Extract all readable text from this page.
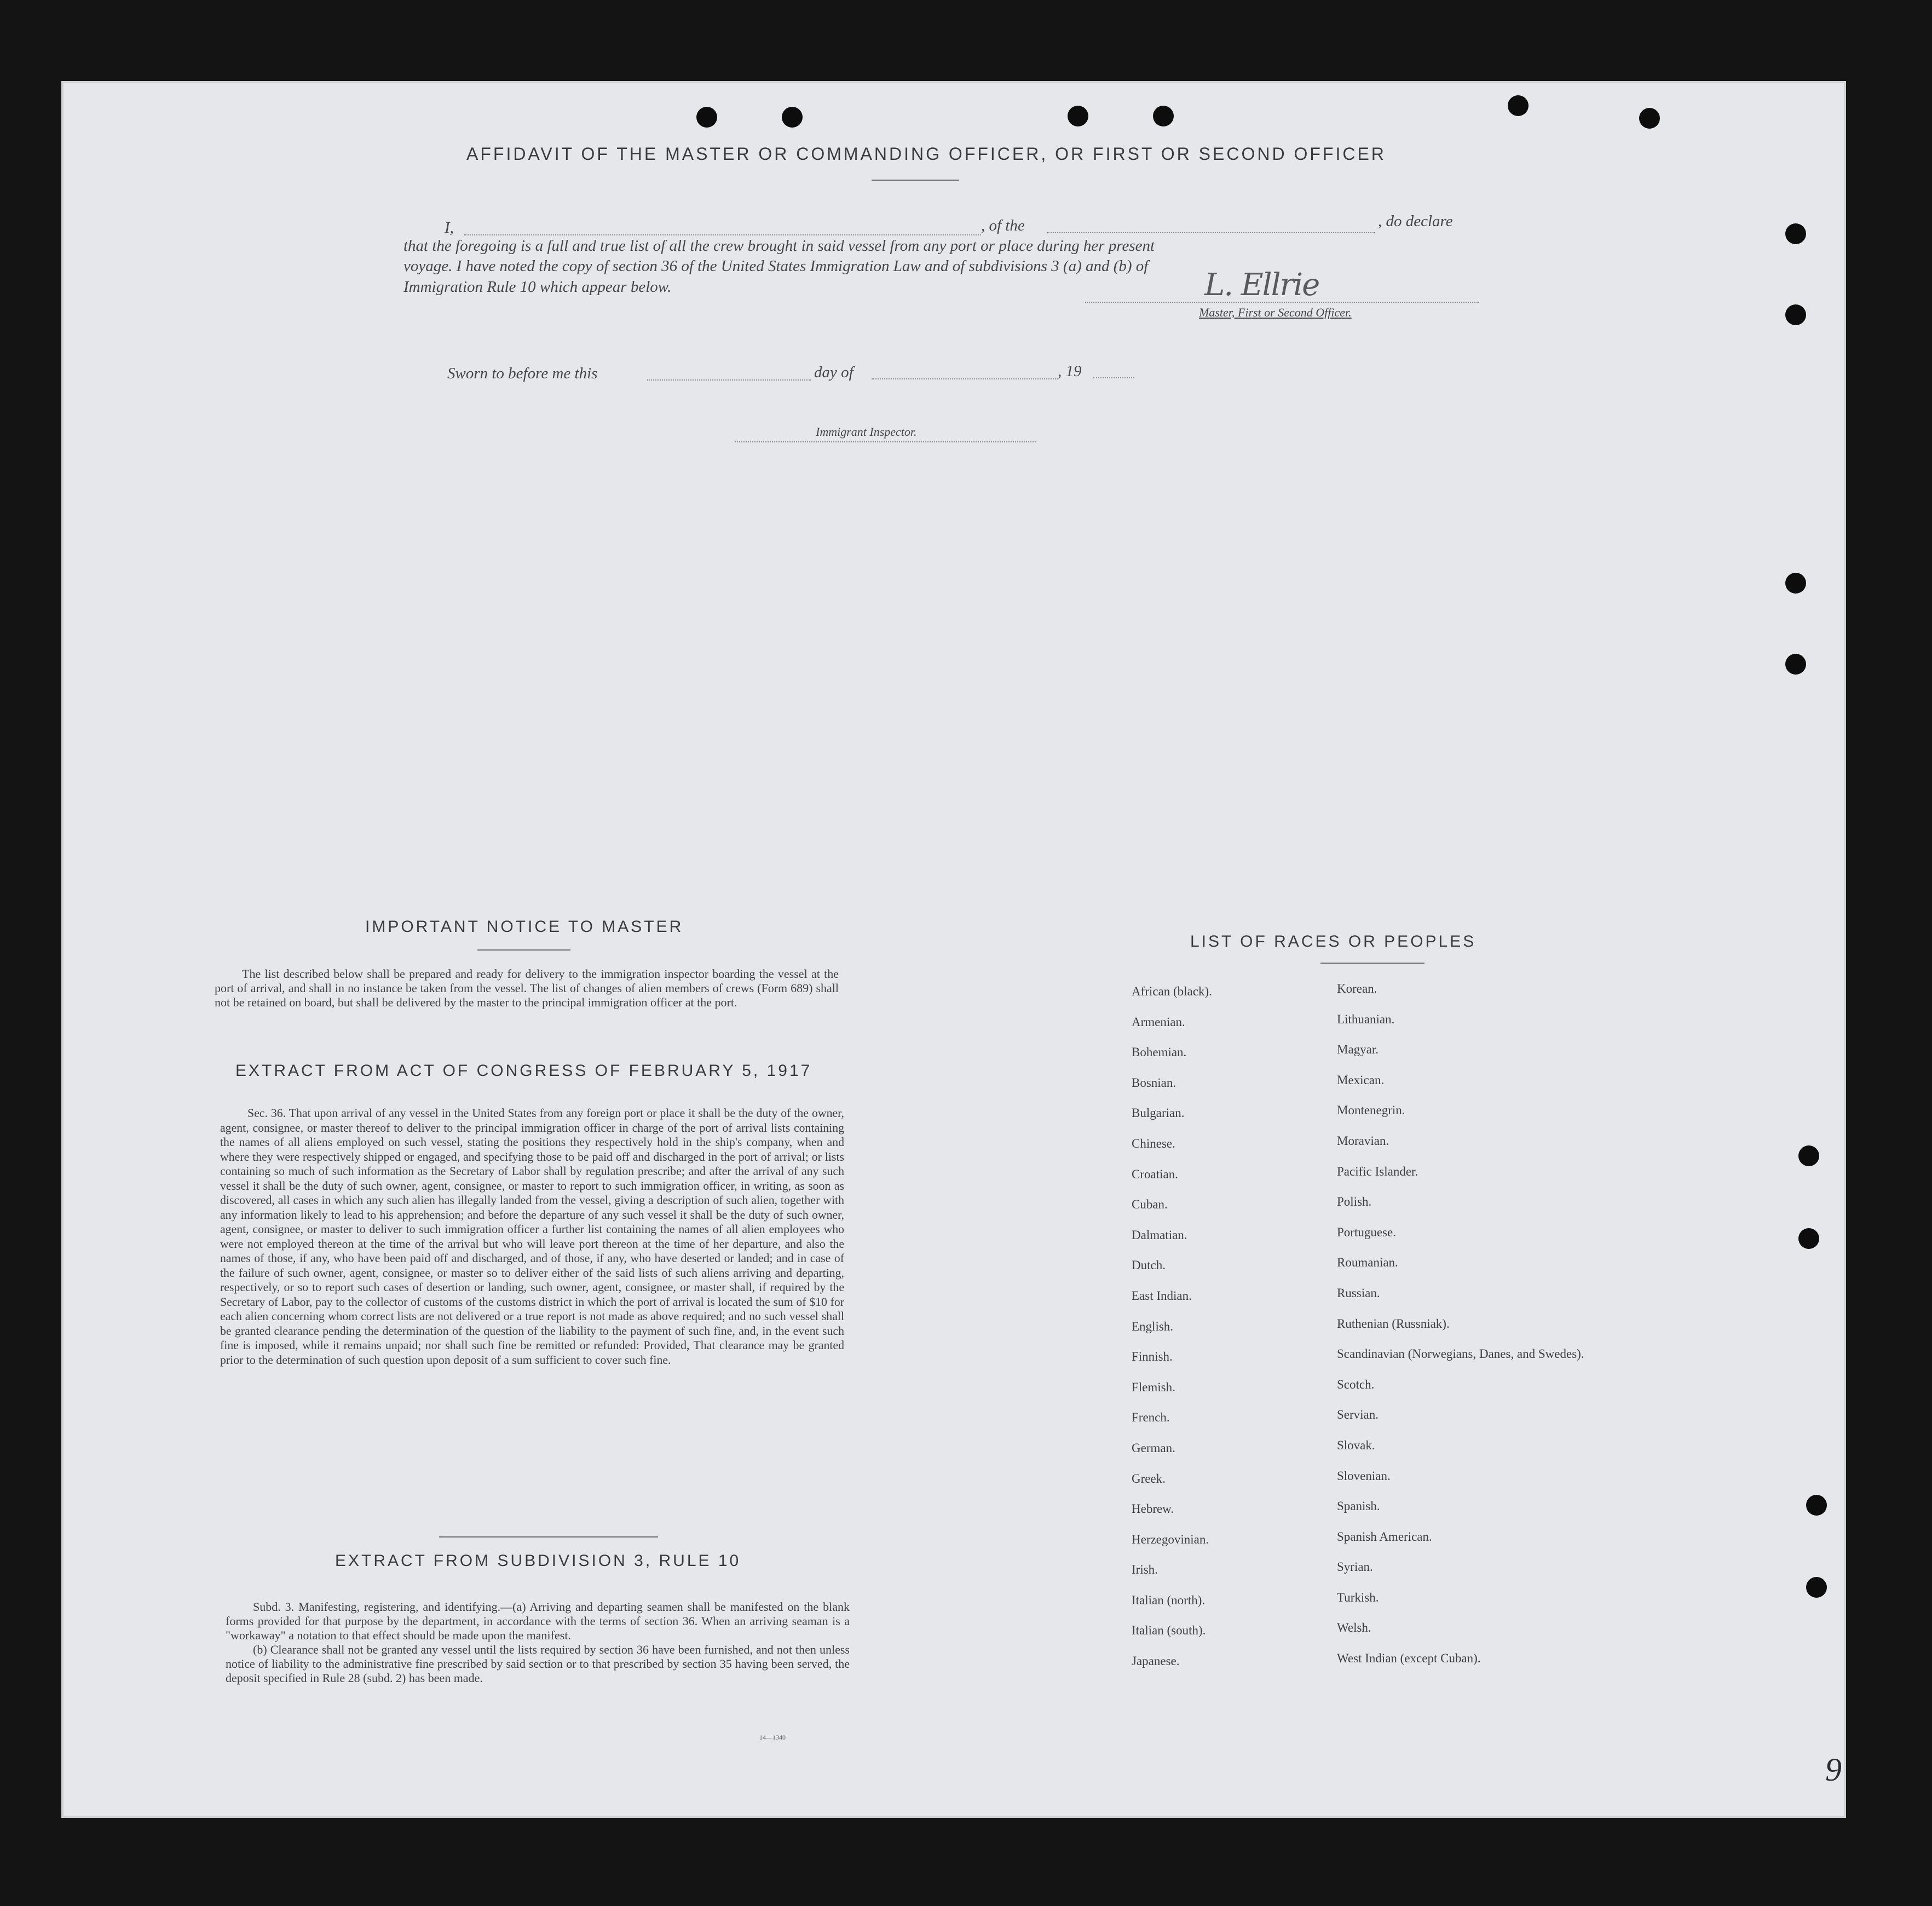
AFFIDAVIT OF THE MASTER OR COMMANDING OFFICER, OR FIRST OR SECOND OFFICER
I,	, of the	, do declare
that the foregoing is a full and true list of all the crew brought in said vessel from any port or place during her present
voyage. I have noted the copy of section 36 of the United States Immigration Law and of subdivisions 3 (a) and (b) of
Immigration Rule 10 which appear below.	L. Ellrie
Master, First or Second Officer.
Sworn to before me this	day of	, 19
Immigrant Inspector.
IMPORTANT NOTICE TO MASTER

The list described below shall be prepared and ready for delivery to the immigration inspector boarding the vessel at the port of arrival, and shall in no instance be taken from the vessel. The list of changes of alien members of crews (Form 689) shall not be retained on board, but shall be delivered by the master to the principal immigration officer at the port.

EXTRACT FROM ACT OF CONGRESS OF FEBRUARY 5, 1917

Sec. 36. That upon arrival of any vessel in the United States from any foreign port or place it shall be the duty of the owner, agent, consignee, or master thereof to deliver to the principal immigration officer in charge of the port of arrival lists containing the names of all aliens employed on such vessel, stating the positions they respectively hold in the ship's company, when and where they were respectively shipped or engaged, and specifying those to be paid off and discharged in the port of arrival; or lists containing so much of such information as the Secretary of Labor shall by regulation prescribe; and after the arrival of any such vessel it shall be the duty of such owner, agent, consignee, or master to report to such immigration officer, in writing, as soon as discovered, all cases in which any such alien has illegally landed from the vessel, giving a description of such alien, together with any information likely to lead to his apprehension; and before the departure of any such vessel it shall be the duty of such owner, agent, consignee, or master to deliver to such immigration officer a further list containing the names of all alien employees who were not employed thereon at the time of the arrival but who will leave port thereon at the time of her departure, and also the names of those, if any, who have been paid off and discharged, and of those, if any, who have deserted or landed; and in case of the failure of such owner, agent, consignee, or master so to deliver either of the said lists of such aliens arriving and departing, respectively, or so to report such cases of desertion or landing, such owner, agent, consignee, or master shall, if required by the Secretary of Labor, pay to the collector of customs of the customs district in which the port of arrival is located the sum of $10 for each alien concerning whom correct lists are not delivered or a true report is not made as above required; and no such vessel shall be granted clearance pending the determination of the question of the liability to the payment of such fine, and, in the event such fine is imposed, while it remains unpaid; nor shall such fine be remitted or refunded: Provided, That clearance may be granted prior to the determination of such question upon deposit of a sum sufficient to cover such fine.

EXTRACT FROM SUBDIVISION 3, RULE 10

Subd. 3. Manifesting, registering, and identifying.—(a) Arriving and departing seamen shall be manifested on the blank forms provided for that purpose by the department, in accordance with the terms of section 36. When an arriving seaman is a "workaway" a notation to that effect should be made upon the manifest.

(b) Clearance shall not be granted any vessel until the lists required by section 36 have been furnished, and not then unless notice of liability to the administrative fine prescribed by said section or to that prescribed by section 35 having been served, the deposit specified in Rule 28 (subd. 2) has been made.

14—1340
LIST OF RACES OR PEOPLES
African (black).
Armenian.
Bohemian.
Bosnian.
Bulgarian.
Chinese.
Croatian.
Cuban.
Dalmatian.
Dutch.
East Indian.
English.
Finnish.
Flemish.
French.
German.
Greek.
Hebrew.
Herzegovinian.
Irish.
Italian (north).
Italian (south).
Japanese.
Korean.
Lithuanian.
Magyar.
Mexican.
Montenegrin.
Moravian.
Pacific Islander.
Polish.
Portuguese.
Roumanian.
Russian.
Ruthenian (Russniak).
Scandinavian (Norwegians, Danes, and Swedes).
Scotch.
Servian.
Slovak.
Slovenian.
Spanish.
Spanish American.
Syrian.
Turkish.
Welsh.
West Indian (except Cuban).
9
